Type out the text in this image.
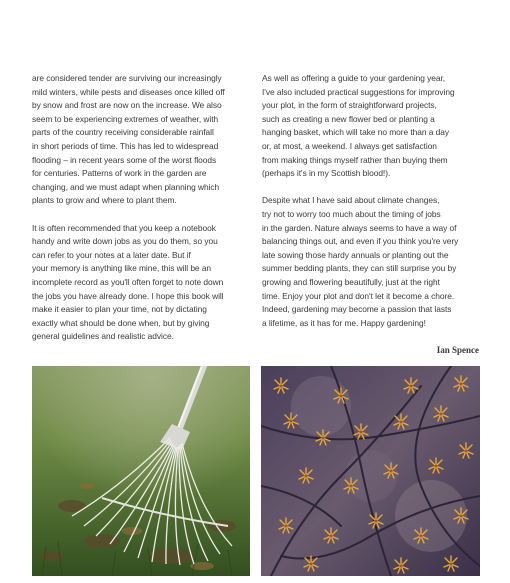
are considered tender are surviving our increasingly
mild winters, while pests and diseases once killed off
by snow and frost are now on the increase. We also
seem to be experiencing extremes of weather, with
parts of the country receiving considerable rainfall
in short periods of time. This has led to widespread
flooding – in recent years some of the worst floods
for centuries. Patterns of work in the garden are
changing, and we must adapt when planning which
plants to grow and where to plant them.

It is often recommended that you keep a notebook
handy and write down jobs as you do them, so you
can refer to your notes at a later date. But if
your memory is anything like mine, this will be an
incomplete record as you'll often forget to note down
the jobs you have already done. I hope this book will
make it easier to plan your time, not by dictating
exactly what should be done when, but by giving
general guidelines and realistic advice.

As well as offering a guide to your gardening year,
I've also included practical suggestions for improving
your plot, in the form of straightforward projects,
such as creating a new flower bed or planting a
hanging basket, which will take no more than a day
or, at most, a weekend. I always get satisfaction
from making things myself rather than buying them
(perhaps it's in my Scottish blood!).

Despite what I have said about climate changes,
try not to worry too much about the timing of jobs
in the garden. Nature always seems to have a way of
balancing things out, and even if you think you're very
late sowing those hardy annuals or planting out the
summer bedding plants, they can still surprise you by
growing and flowering beautifully, just at the right
time. Enjoy your plot and don't let it become a chore.
Indeed, gardening may become a passion that lasts
a lifetime, as it has for me. Happy gardening!

Ian Spence
